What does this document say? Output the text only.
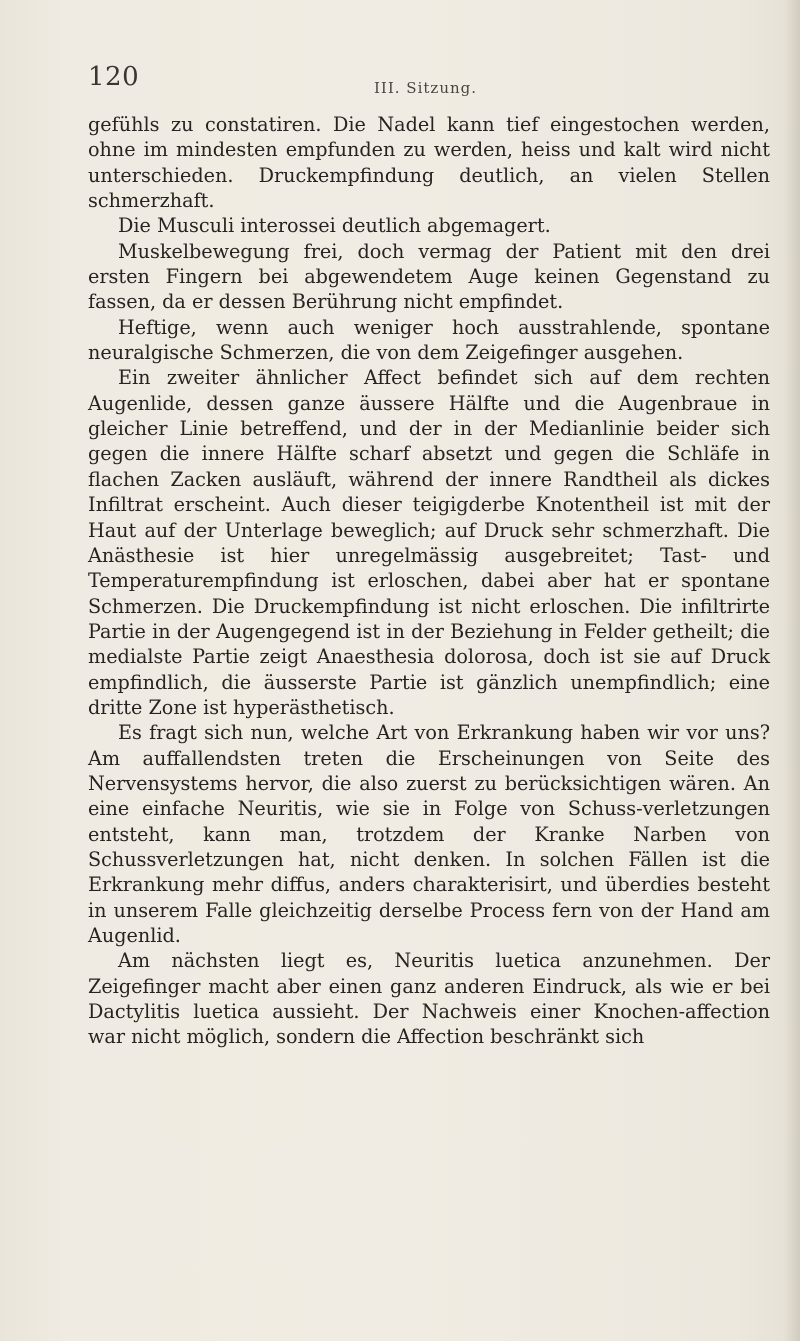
120	III. Sitzung.

gefühls zu constatiren. Die Nadel kann tief eingestochen werden, ohne im mindesten empfunden zu werden, heiss und kalt wird nicht unterschieden. Druckempfindung deutlich, an vielen Stellen schmerzhaft.

Die Musculi interossei deutlich abgemagert.

Muskelbewegung frei, doch vermag der Patient mit den drei ersten Fingern bei abgewendetem Auge keinen Gegenstand zu fassen, da er dessen Berührung nicht empfindet.

Heftige, wenn auch weniger hoch ausstrahlende, spontane neuralgische Schmerzen, die von dem Zeigefinger ausgehen.

Ein zweiter ähnlicher Affect befindet sich auf dem rechten Augenlide, dessen ganze äussere Hälfte und die Augenbraue in gleicher Linie betreffend, und der in der Medianlinie beider sich gegen die innere Hälfte scharf absetzt und gegen die Schläfe in flachen Zacken ausläuft, während der innere Randtheil als dickes Infiltrat erscheint. Auch dieser teigigderbe Knotentheil ist mit der Haut auf der Unterlage beweglich; auf Druck sehr schmerzhaft. Die Anästhesie ist hier unregelmässig ausgebreitet; Tast- und Temperaturempfindung ist erloschen, dabei aber hat er spontane Schmerzen. Die Druckempfindung ist nicht erloschen. Die infiltrirte Partie in der Augengegend ist in der Beziehung in Felder getheilt; die medialste Partie zeigt Anaesthesia dolorosa, doch ist sie auf Druck empfindlich, die äusserste Partie ist gänzlich unempfindlich; eine dritte Zone ist hyperästhetisch.

Es fragt sich nun, welche Art von Erkrankung haben wir vor uns? Am auffallendsten treten die Erscheinungen von Seite des Nervensystems hervor, die also zuerst zu berücksichtigen wären. An eine einfache Neuritis, wie sie in Folge von Schuss-verletzungen entsteht, kann man, trotzdem der Kranke Narben von Schussverletzungen hat, nicht denken. In solchen Fällen ist die Erkrankung mehr diffus, anders charakterisirt, und überdies besteht in unserem Falle gleichzeitig derselbe Process fern von der Hand am Augenlid.

Am nächsten liegt es, Neuritis luetica anzunehmen. Der Zeigefinger macht aber einen ganz anderen Eindruck, als wie er bei Dactylitis luetica aussieht. Der Nachweis einer Knochen-affection war nicht möglich, sondern die Affection beschränkt sich
